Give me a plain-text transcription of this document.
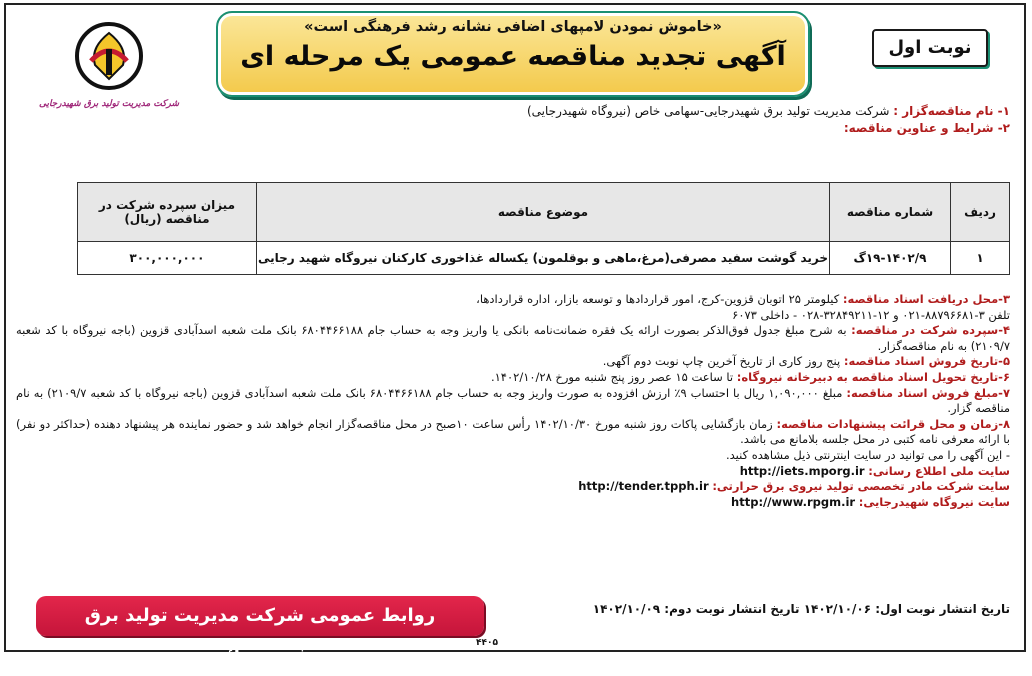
شرکت مدیریت تولید برق شهیدرجایی
«خاموش نمودن لامپهای اضافی نشانه رشد فرهنگی است»
آگهی تجدید مناقصه عمومی یک مرحله ای	نوبت اول
۱- نام مناقصه‌گزار : شرکت مدیریت تولید برق شهیدرجایی-سهامی خاص (نیروگاه شهیدرجایی)
۲- شرایط و عناوین مناقصه:
ردیف	شماره مناقصه	موضوع مناقصه	میزان سپرده شرکت در مناقصه (ریال)
۱	۱۹-۱۴۰۲/۹گ	خرید گوشت سفید مصرفی(مرغ،ماهی و بوقلمون) یکساله غذاخوری کارکنان نیروگاه شهید رجایی	۳۰۰,۰۰۰,۰۰۰

۳-محل دریافت اسناد مناقصه: کیلومتر ۲۵ اتوبان قزوین-کرج، امور قراردادها و توسعه بازار، اداره قراردادها،

تلفن ۳-۸۸۷۹۶۶۸۱-۰۲۱ و ۱۲-۳۲۸۴۹۲۱۱-۰۲۸ - داخلی ۶۰۷۳

۴-سپرده شرکت در مناقصه: به شرح مبلغ جدول فوق‌الذکر بصورت ارائه یک فقره ضمانت‌نامه بانکی یا واریز وجه به حساب جام ۶۸۰۴۴۶۶۱۸۸ بانک ملت شعبه اسدآبادی قزوین (باجه نیروگاه با کد شعبه ۲۱۰۹/۷) به نام مناقصه‌گزار.

۵-تاریخ فروش اسناد مناقصه: پنج روز کاری از تاریخ آخرین چاپ نوبت دوم آگهی.

۶-تاریخ تحویل اسناد مناقصه به دبیرخانه نیروگاه: تا ساعت ۱۵ عصر روز پنج شنبه مورخ ۱۴۰۲/۱۰/۲۸.

۷-مبلغ فروش اسناد مناقصه: مبلغ ۱,۰۹۰,۰۰۰ ریال با احتساب ۹٪ ارزش افزوده به صورت واریز وجه به حساب جام ۶۸۰۴۴۶۶۱۸۸ بانک ملت شعبه اسدآبادی قزوین (باجه نیروگاه با کد شعبه ۲۱۰۹/۷) به نام مناقصه گزار.

۸-زمان و محل قرائت پیشنهادات مناقصه: زمان بازگشایی پاکات روز شنبه مورخ ۱۴۰۲/۱۰/۳۰ رأس ساعت ۱۰صبح در محل مناقصه‌گزار انجام خواهد شد و حضور نماینده هر پیشنهاد دهنده (حداکثر دو نفر) با ارائه معرفی نامه کتبی در محل جلسه بلامانع می باشد.

- این آگهی را می توانید در سایت اینترنتی ذیل مشاهده کنید.

سایت ملی اطلاع رسانی: http://iets.mporg.ir

سایت شرکت مادر تخصصی تولید نیروی برق حرارتی: http://tender.tpph.ir

سایت نیروگاه شهیدرجایی: http://www.rpgm.ir

تاریخ انتشار نوبت اول: ۱۴۰۲/۱۰/۰۶ تاریخ انتشار نوبت دوم: ۱۴۰۲/۱۰/۰۹
روابط عمومی شرکت مدیریت تولید برق شهیدرجائی
۴۴۰۵
